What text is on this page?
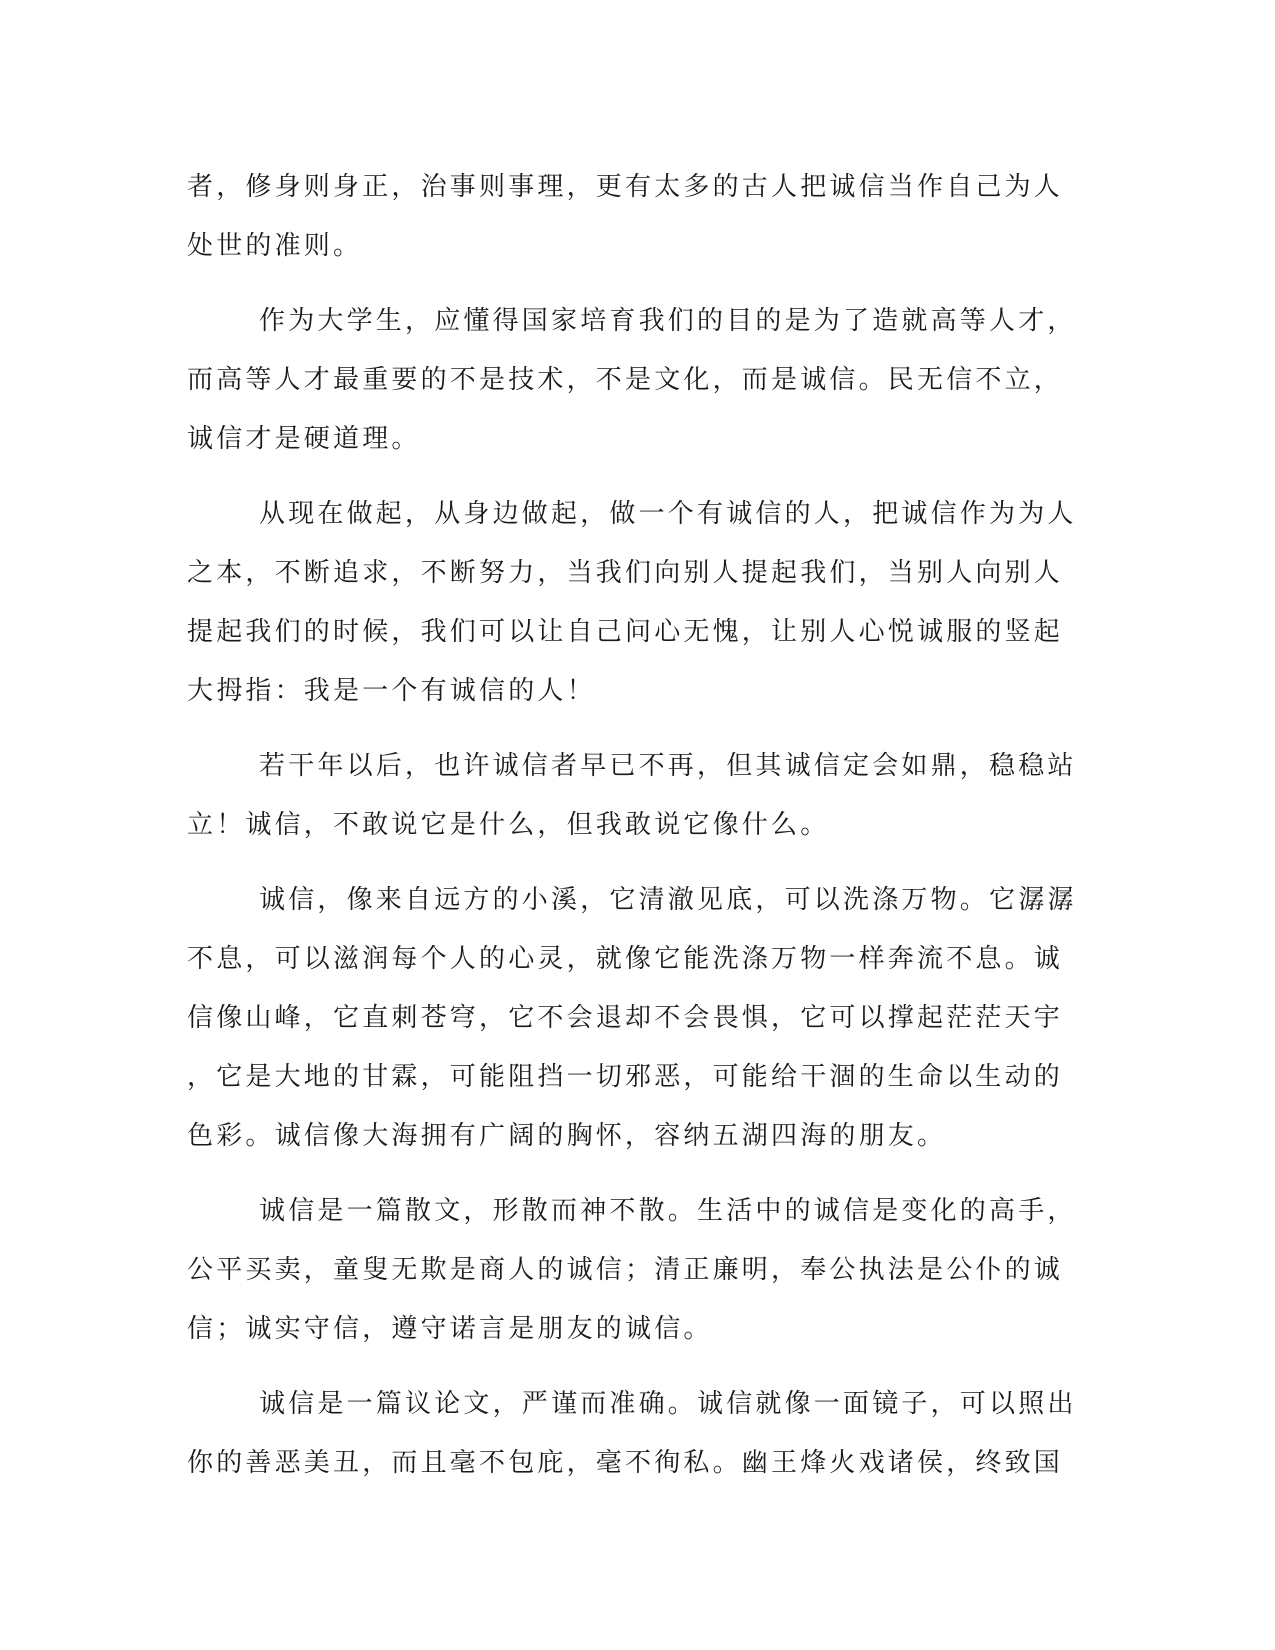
者，修身则身正，治事则事理，更有太多的古人把诚信当作自己为人
处世的准则。
作为大学生，应懂得国家培育我们的目的是为了造就高等人才，
而高等人才最重要的不是技术，不是文化，而是诚信。民无信不立，
诚信才是硬道理。
从现在做起，从身边做起，做一个有诚信的人，把诚信作为为人
之本，不断追求，不断努力，当我们向别人提起我们，当别人向别人
提起我们的时候，我们可以让自己问心无愧，让别人心悦诚服的竖起
大拇指：我是一个有诚信的人！
若干年以后，也许诚信者早已不再，但其诚信定会如鼎，稳稳站
立！诚信，不敢说它是什么，但我敢说它像什么。
诚信，像来自远方的小溪，它清澈见底，可以洗涤万物。它潺潺
不息，可以滋润每个人的心灵，就像它能洗涤万物一样奔流不息。诚
信像山峰，它直刺苍穹，它不会退却不会畏惧，它可以撑起茫茫天宇
，它是大地的甘霖，可能阻挡一切邪恶，可能给干涸的生命以生动的
色彩。诚信像大海拥有广阔的胸怀，容纳五湖四海的朋友。
诚信是一篇散文，形散而神不散。生活中的诚信是变化的高手，
公平买卖，童叟无欺是商人的诚信；清正廉明，奉公执法是公仆的诚
信；诚实守信，遵守诺言是朋友的诚信。
诚信是一篇议论文，严谨而准确。诚信就像一面镜子，可以照出
你的善恶美丑，而且毫不包庇，毫不徇私。幽王烽火戏诸侯，终致国
